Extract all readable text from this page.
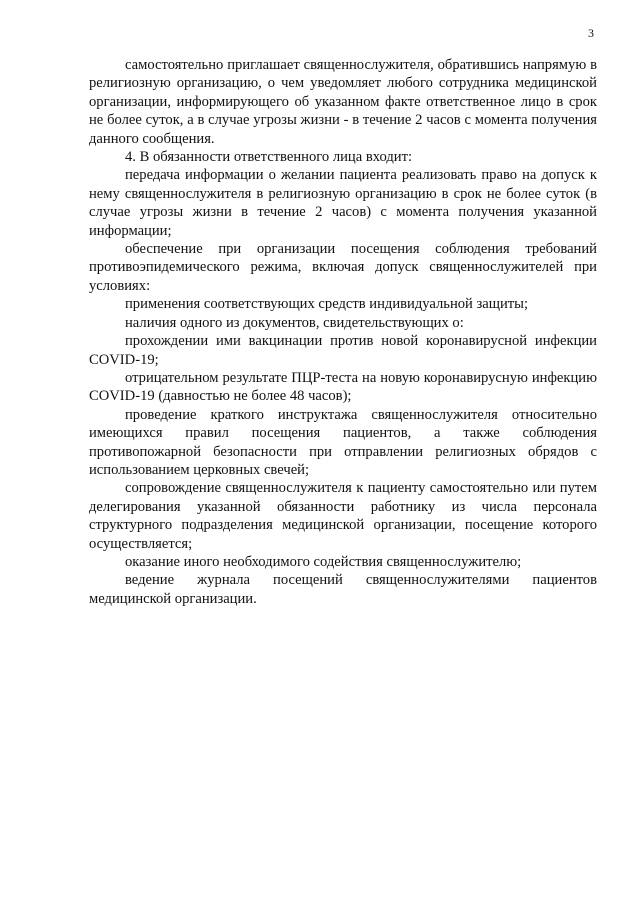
3

самостоятельно приглашает священнослужителя, обратившись напрямую в религиозную организацию, о чем уведомляет любого сотрудника медицинской организации, информирующего об указанном факте ответственное лицо в срок не более суток, а в случае угрозы жизни - в течение 2 часов с момента получения данного сообщения.

4. В обязанности ответственного лица входит:

передача информации о желании пациента реализовать право на допуск к нему священнослужителя в религиозную организацию в срок не более суток (в случае угрозы жизни в течение 2 часов) с момента получения указанной информации;

обеспечение при организации посещения соблюдения требований противоэпидемического режима, включая допуск священнослужителей при условиях:

применения соответствующих средств индивидуальной защиты;

наличия одного из документов, свидетельствующих о:

прохождении ими вакцинации против новой коронавирусной инфекции COVID-19;

отрицательном результате ПЦР-теста на новую коронавирусную инфекцию COVID-19 (давностью не более 48 часов);

проведение краткого инструктажа священнослужителя относительно имеющихся правил посещения пациентов, а также соблюдения противопожарной безопасности при отправлении религиозных обрядов с использованием церковных свечей;

сопровождение священнослужителя к пациенту самостоятельно или путем делегирования указанной обязанности работнику из числа персонала структурного подразделения медицинской организации, посещение которого осуществляется;

оказание иного необходимого содействия священнослужителю;

ведение журнала посещений священнослужителями пациентов медицинской организации.
